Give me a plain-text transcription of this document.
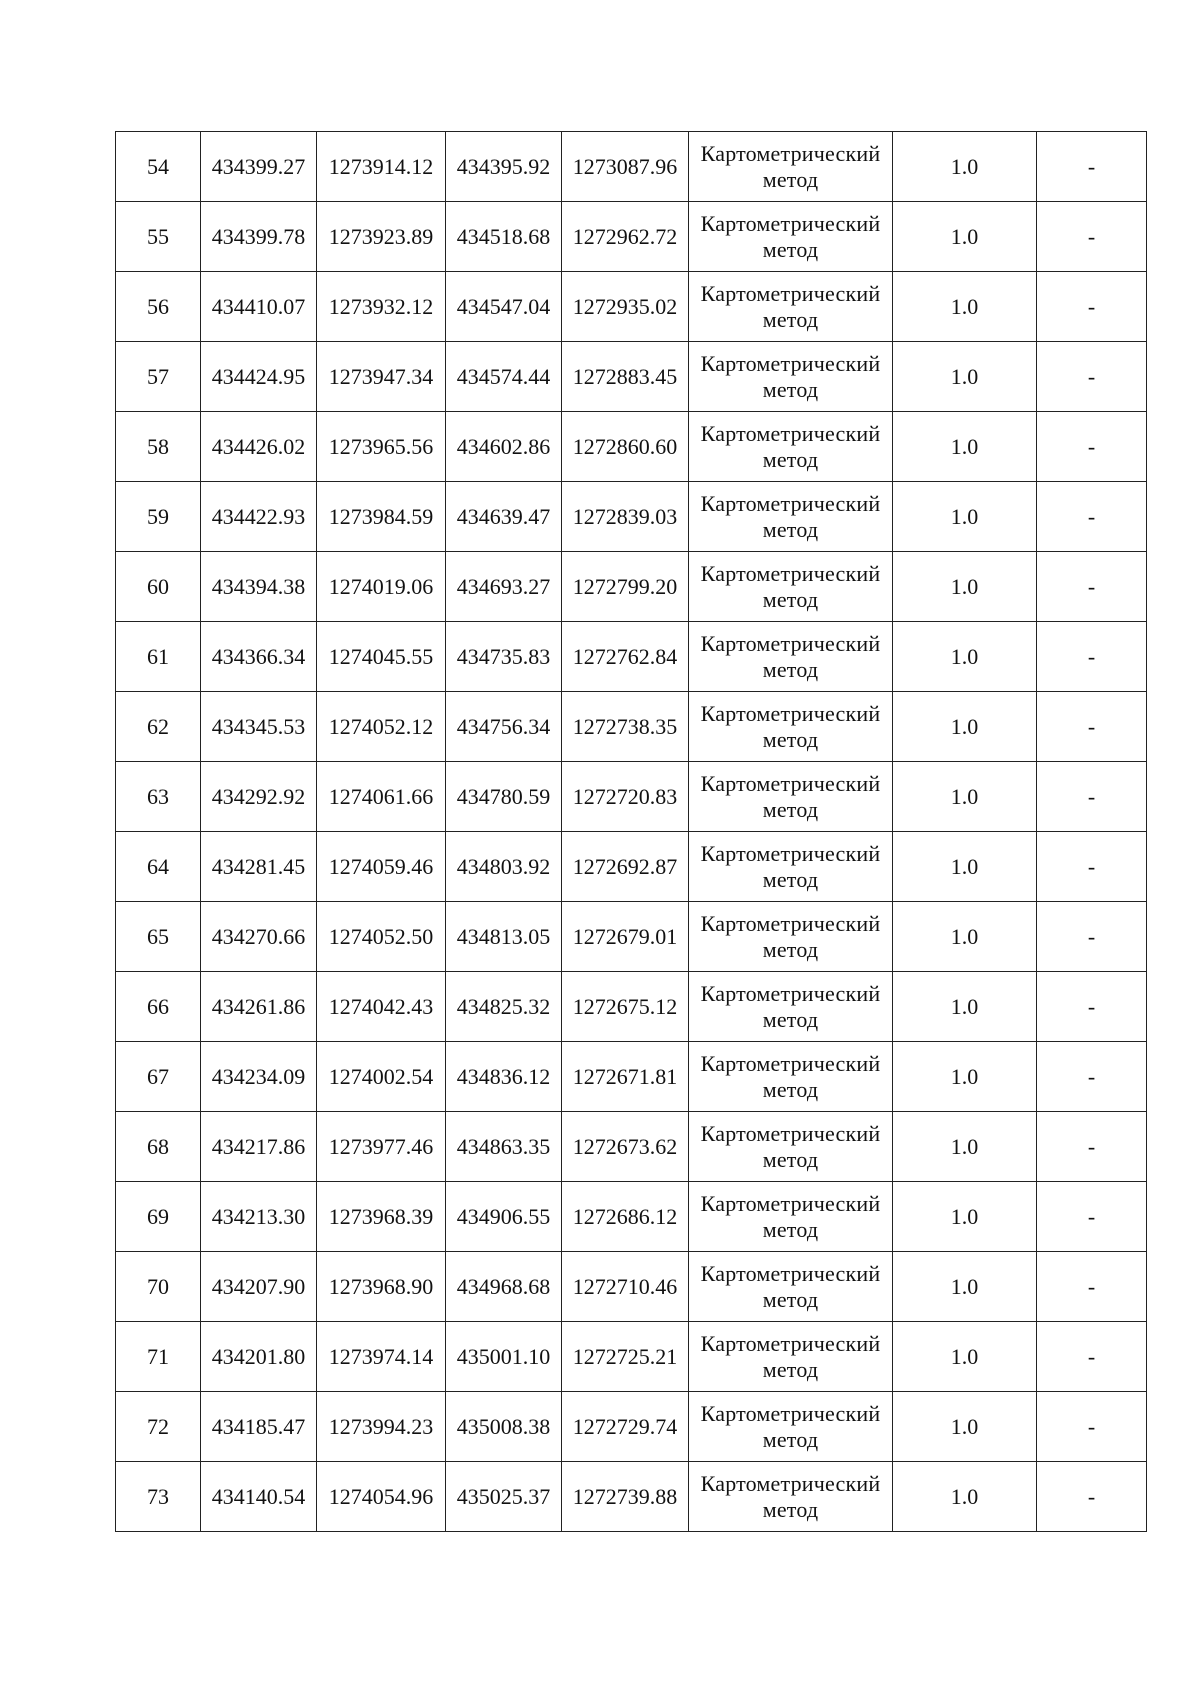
54	434399.27	1273914.12	434395.92	1273087.96	Картометрический
метод	1.0	-
55	434399.78	1273923.89	434518.68	1272962.72	Картометрический
метод	1.0	-
56	434410.07	1273932.12	434547.04	1272935.02	Картометрический
метод	1.0	-
57	434424.95	1273947.34	434574.44	1272883.45	Картометрический
метод	1.0	-
58	434426.02	1273965.56	434602.86	1272860.60	Картометрический
метод	1.0	-
59	434422.93	1273984.59	434639.47	1272839.03	Картометрический
метод	1.0	-
60	434394.38	1274019.06	434693.27	1272799.20	Картометрический
метод	1.0	-
61	434366.34	1274045.55	434735.83	1272762.84	Картометрический
метод	1.0	-
62	434345.53	1274052.12	434756.34	1272738.35	Картометрический
метод	1.0	-
63	434292.92	1274061.66	434780.59	1272720.83	Картометрический
метод	1.0	-
64	434281.45	1274059.46	434803.92	1272692.87	Картометрический
метод	1.0	-
65	434270.66	1274052.50	434813.05	1272679.01	Картометрический
метод	1.0	-
66	434261.86	1274042.43	434825.32	1272675.12	Картометрический
метод	1.0	-
67	434234.09	1274002.54	434836.12	1272671.81	Картометрический
метод	1.0	-
68	434217.86	1273977.46	434863.35	1272673.62	Картометрический
метод	1.0	-
69	434213.30	1273968.39	434906.55	1272686.12	Картометрический
метод	1.0	-
70	434207.90	1273968.90	434968.68	1272710.46	Картометрический
метод	1.0	-
71	434201.80	1273974.14	435001.10	1272725.21	Картометрический
метод	1.0	-
72	434185.47	1273994.23	435008.38	1272729.74	Картометрический
метод	1.0	-
73	434140.54	1274054.96	435025.37	1272739.88	Картометрический
метод	1.0	-
